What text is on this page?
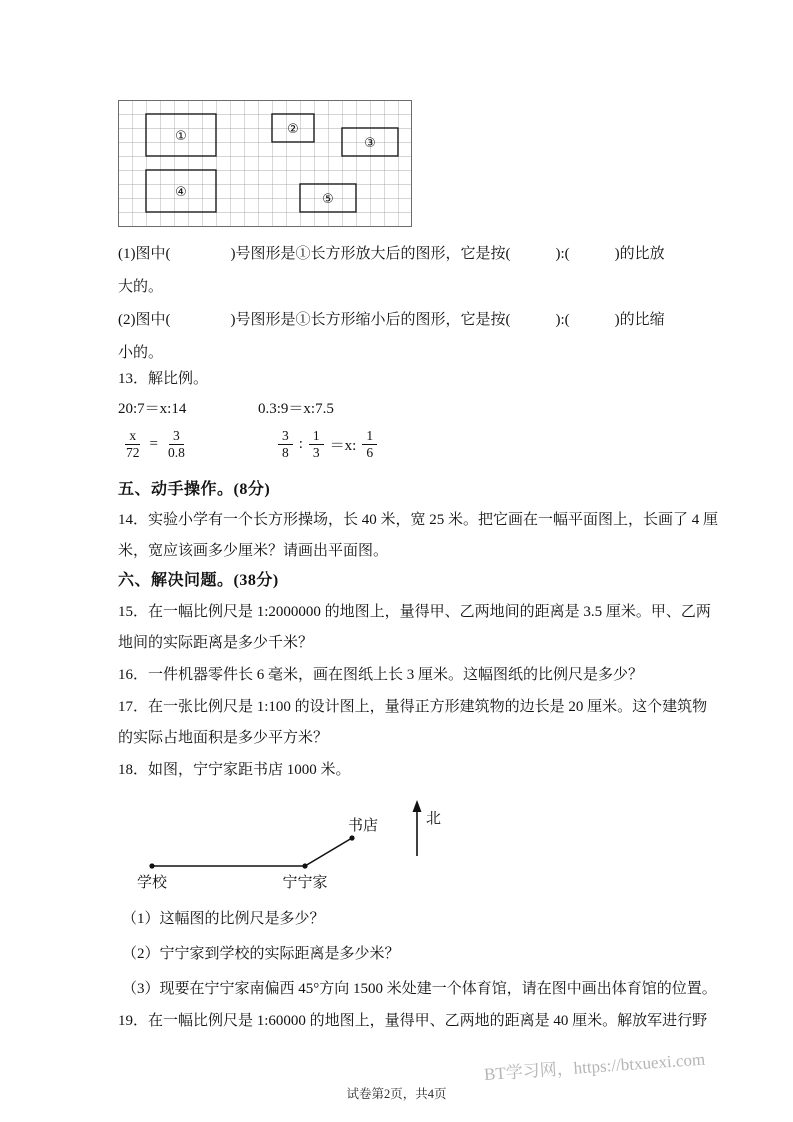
①	②
③
④	⑤
(1)图中(　　　　)号图形是①长方形放大后的图形，它是按(　　　):(　　　)的比放
大的。
(2)图中(　　　　)号图形是①长方形缩小后的图形，它是按(　　　):(　　　)的比缩
小的。
13．解比例。
20:7＝x:14	0.3:9＝x:7.5
$\frac{x}{72} = \frac{3}{0.8}$	$\frac{3}{8}$ : $\frac{1}{3} =x$: $\frac{1}{6}$
五、动手操作。(8分)
14．实验小学有一个长方形操场，长 40 米，宽 25 米。把它画在一幅平面图上，长画了 4 厘
米，宽应该画多少厘米？请画出平面图。
六、解决问题。(38分)
15．在一幅比例尺是 1:2000000 的地图上，量得甲、乙两地间的距离是 3.5 厘米。甲、乙两
地间的实际距离是多少千米？
16．一件机器零件长 6 毫米，画在图纸上长 3 厘米。这幅图纸的比例尺是多少？
17．在一张比例尺是 1:100 的设计图上，量得正方形建筑物的边长是 20 厘米。这个建筑物
的实际占地面积是多少平方米？
18．如图，宁宁家距书店 1000 米。
书店	北
学校	宁宁家
（1）这幅图的比例尺是多少？
（2）宁宁家到学校的实际距离是多少米？
（3）现要在宁宁家南偏西 45°方向 1500 米处建一个体育馆，请在图中画出体育馆的位置。
19．在一幅比例尺是 1:60000 的地图上，量得甲、乙两地的距离是 40 厘米。解放军进行野
BT学习网，https://btxuexi.com
试卷第2页，共4页
